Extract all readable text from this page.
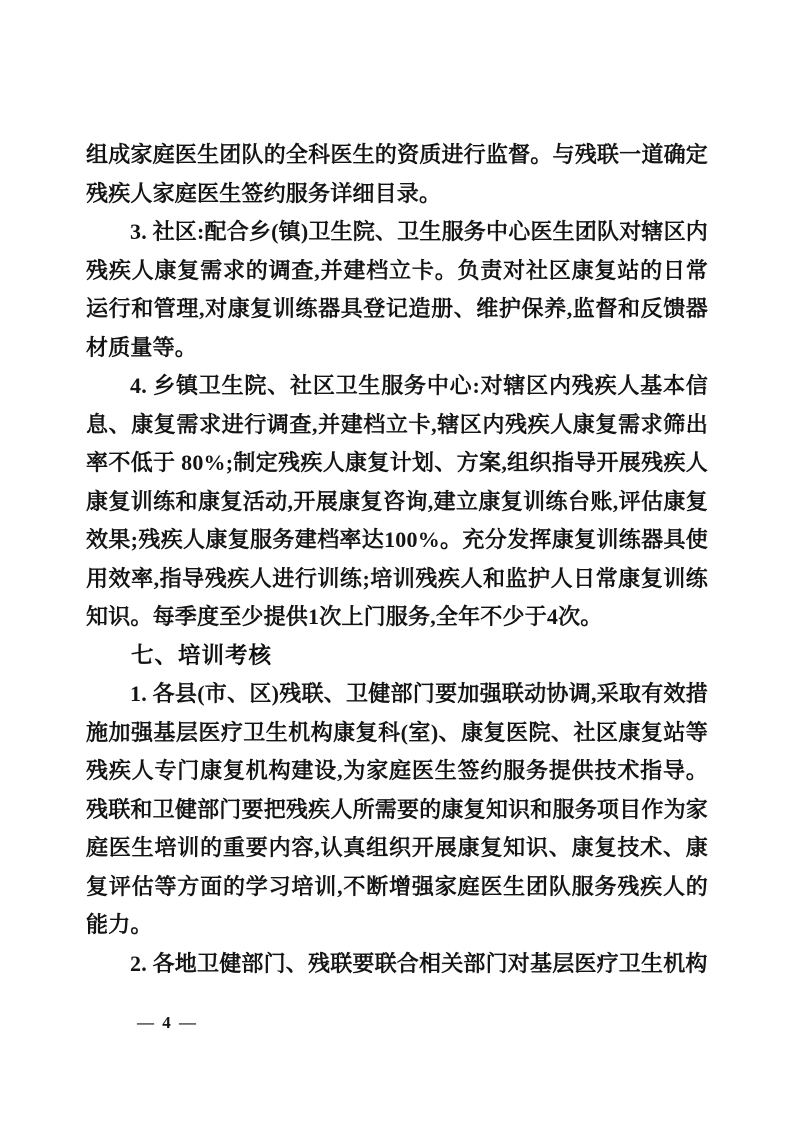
组成家庭医生团队的全科医生的资质进行监督。与残联一道确定残疾人家庭医生签约服务详细目录。

3. 社区:配合乡(镇)卫生院、卫生服务中心医生团队对辖区内残疾人康复需求的调查,并建档立卡。负责对社区康复站的日常运行和管理,对康复训练器具登记造册、维护保养,监督和反馈器材质量等。

4. 乡镇卫生院、社区卫生服务中心:对辖区内残疾人基本信息、康复需求进行调查,并建档立卡,辖区内残疾人康复需求筛出率不低于 80%;制定残疾人康复计划、方案,组织指导开展残疾人康复训练和康复活动,开展康复咨询,建立康复训练台账,评估康复效果;残疾人康复服务建档率达100%。充分发挥康复训练器具使用效率,指导残疾人进行训练;培训残疾人和监护人日常康复训练知识。每季度至少提供1次上门服务,全年不少于4次。

七、培训考核

1. 各县(市、区)残联、卫健部门要加强联动协调,采取有效措施加强基层医疗卫生机构康复科(室)、康复医院、社区康复站等残疾人专门康复机构建设,为家庭医生签约服务提供技术指导。残联和卫健部门要把残疾人所需要的康复知识和服务项目作为家庭医生培训的重要内容,认真组织开展康复知识、康复技术、康复评估等方面的学习培训,不断增强家庭医生团队服务残疾人的能力。

2. 各地卫健部门、残联要联合相关部门对基层医疗卫生机构

— 4 —
